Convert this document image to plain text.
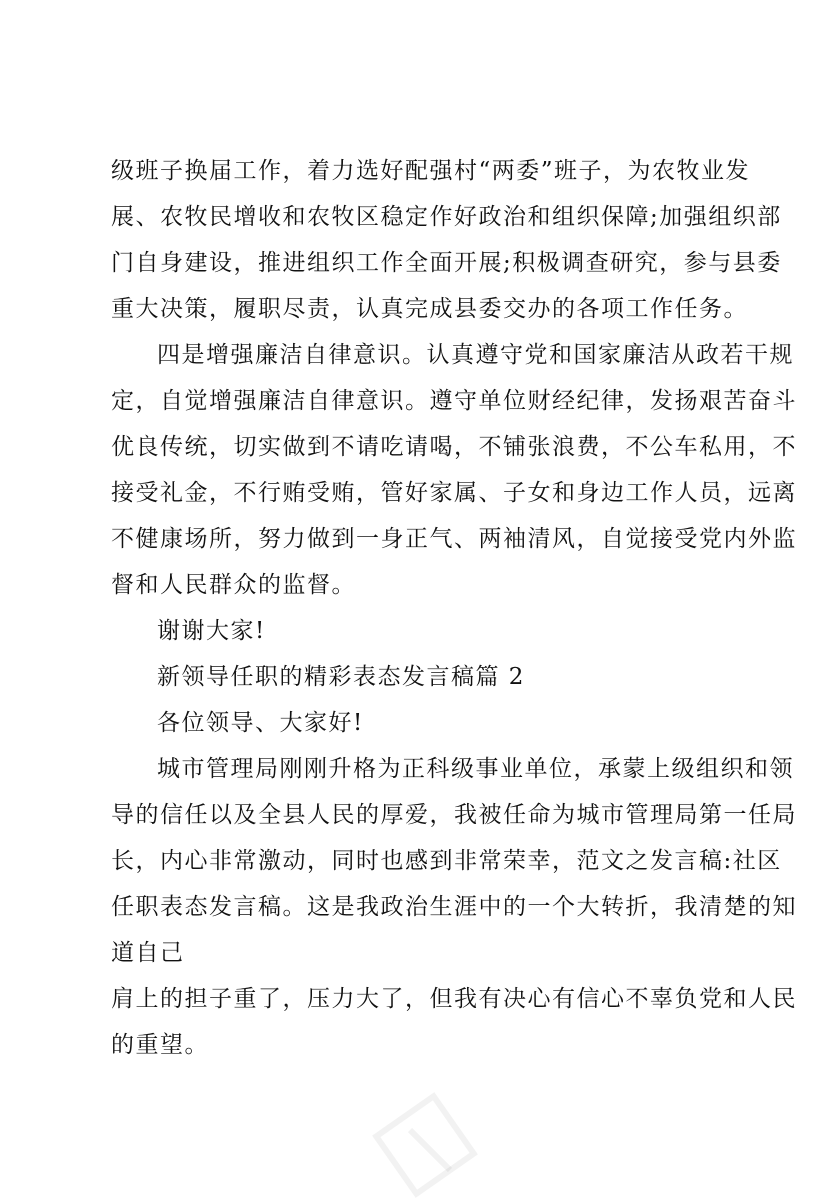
级班子换届工作，着力选好配强村“两委”班子，为农牧业发
展、农牧民增收和农牧区稳定作好政治和组织保障;加强组织部
门自身建设，推进组织工作全面开展;积极调查研究，参与县委
重大决策，履职尽责，认真完成县委交办的各项工作任务。
四是增强廉洁自律意识。认真遵守党和国家廉洁从政若干规
定，自觉增强廉洁自律意识。遵守单位财经纪律，发扬艰苦奋斗
优良传统，切实做到不请吃请喝，不铺张浪费，不公车私用，不
接受礼金，不行贿受贿，管好家属、子女和身边工作人员，远离
不健康场所，努力做到一身正气、两袖清风，自觉接受党内外监
督和人民群众的监督。
谢谢大家!
新领导任职的精彩表态发言稿篇 2
各位领导、大家好!
城市管理局刚刚升格为正科级事业单位，承蒙上级组织和领
导的信任以及全县人民的厚爱，我被任命为城市管理局第一任局
长，内心非常激动，同时也感到非常荣幸，范文之发言稿:社区
任职表态发言稿。这是我政治生涯中的一个大转折，我清楚的知
道自己
肩上的担子重了，压力大了，但我有决心有信心不辜负党和人民
的重望。
